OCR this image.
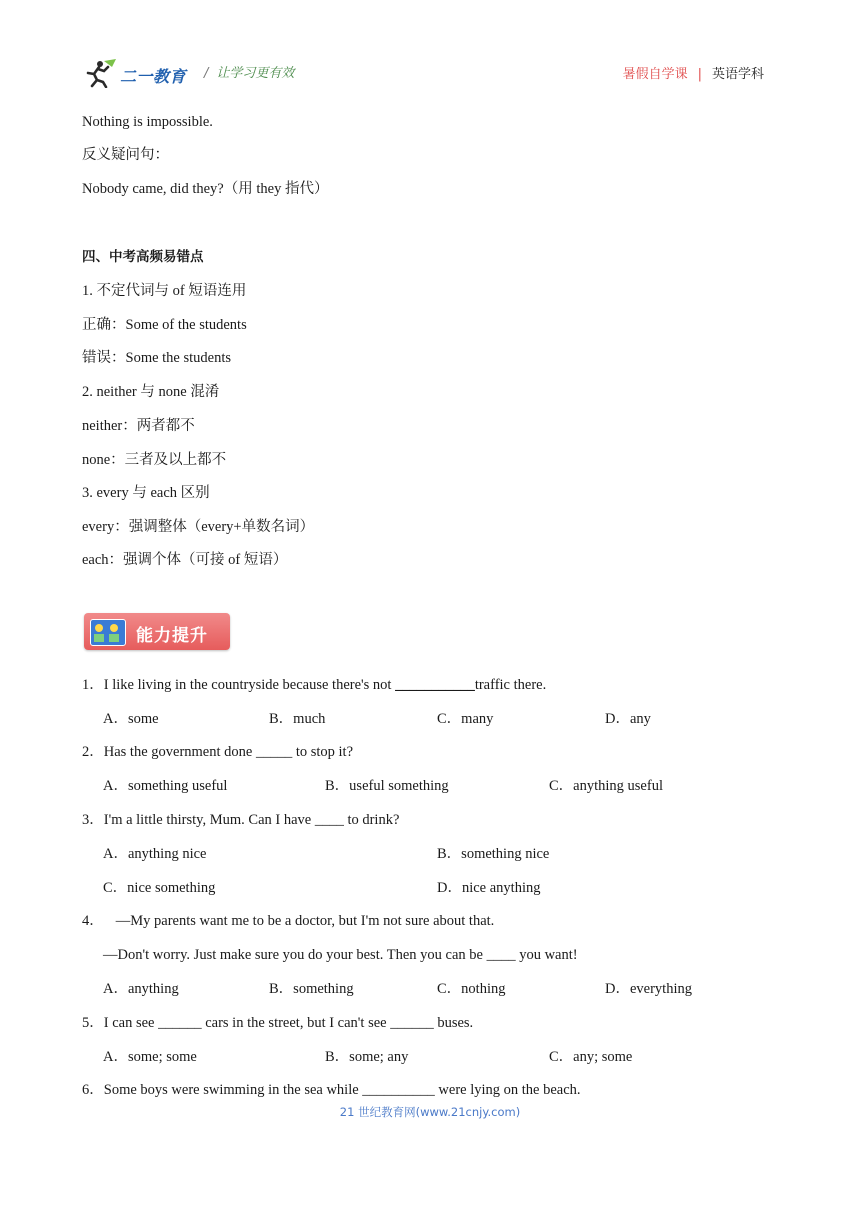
二一教育 / 让学习更有效	暑假自学课 | 英语学科
Nothing is impossible.
反义疑问句：
Nobody came, did they?（用 they 指代）
四、中考高频易错点
1. 不定代词与 of 短语连用
正确：Some of the students
错误：Some the students
2. neither 与 none 混淆
neither：两者都不
none：三者及以上都不
3. every 与 each 区别
every：强调整体（every+单数名词）
each：强调个体（可接 of 短语）
能力提升
1．I like living in the countryside because there's not ___________traffic there.
A．some	B．much	C．many	D．any
2．Has the government done _____ to stop it?
A．something useful	B．useful something	C．anything useful
3．I'm a little thirsty, Mum. Can I have ____ to drink?
A．anything nice	B．something nice
C．nice something	D．nice anything
4． —My parents want me to be a doctor, but I'm not sure about that.
—Don't worry. Just make sure you do your best. Then you can be ____ you want!
A．anything	B．something	C．nothing	D．everything
5．I can see ______ cars in the street, but I can't see ______ buses.
A．some; some	B．some; any	C．any; some
6．Some boys were swimming in the sea while __________ were lying on the beach.
21 世纪教育网(www.21cnjy.com)
